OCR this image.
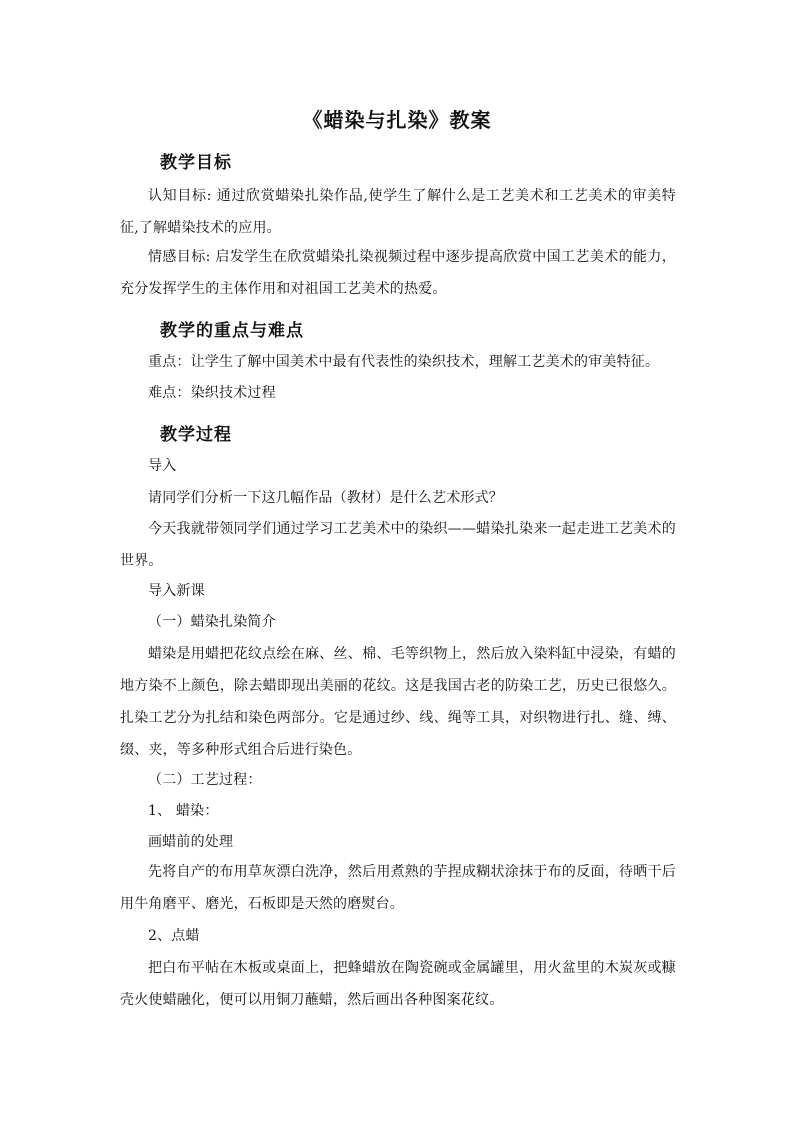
《蜡染与扎染》教案
教学目标

认知目标: 通过欣赏蜡染扎染作品,使学生了解什么是工艺美术和工艺美术的审美特征,了解蜡染技术的应用。

情感目标: 启发学生在欣赏蜡染扎染视频过程中逐步提高欣赏中国工艺美术的能力，充分发挥学生的主体作用和对祖国工艺美术的热爱。

教学的重点与难点

重点：让学生了解中国美术中最有代表性的染织技术，理解工艺美术的审美特征。

难点：染织技术过程

教学过程

导入

请同学们分析一下这几幅作品（教材）是什么艺术形式？

今天我就带领同学们通过学习工艺美术中的染织——蜡染扎染来一起走进工艺美术的世界。

导入新课

（一）蜡染扎染简介

蜡染是用蜡把花纹点绘在麻、丝、棉、毛等织物上，然后放入染料缸中浸染，有蜡的地方染不上颜色，除去蜡即现出美丽的花纹。这是我国古老的防染工艺，历史已很悠久。扎染工艺分为扎结和染色两部分。它是通过纱、线、绳等工具，对织物进行扎、缝、缚、缀、夹，等多种形式组合后进行染色。

（二）工艺过程：

1、 蜡染：

画蜡前的处理

先将自产的布用草灰漂白洗净，然后用煮熟的芋捏成糊状涂抹于布的反面，待晒干后用牛角磨平、磨光，石板即是天然的磨熨台。

2、点蜡

把白布平帖在木板或桌面上，把蜂蜡放在陶瓷碗或金属罐里，用火盆里的木炭灰或糠壳火使蜡融化，便可以用铜刀蘸蜡，然后画出各种图案花纹。
